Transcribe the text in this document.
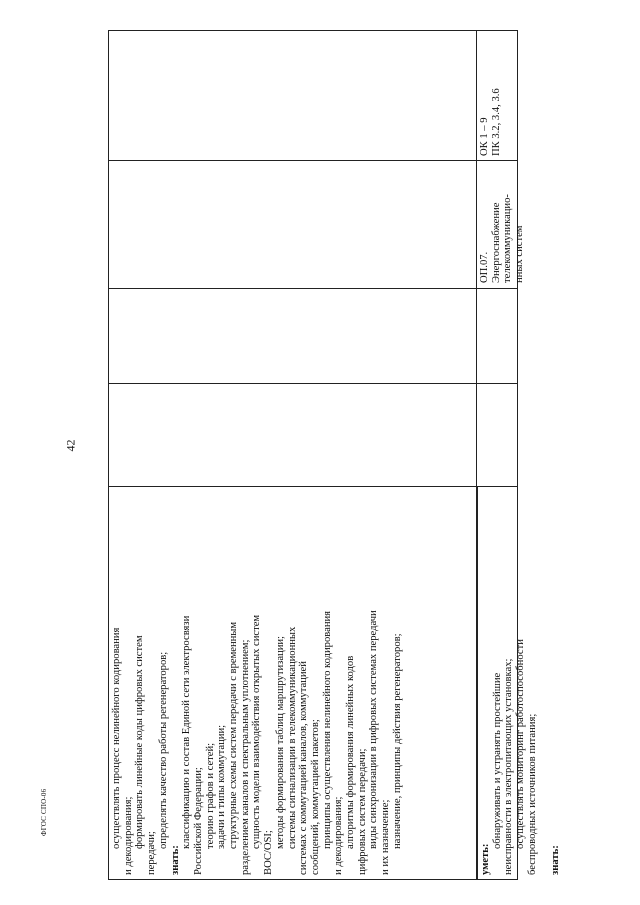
42
осуществлять процесс нелинейного кодирования и декодирования; формировать линейные коды цифровых систем
передачи;
определять качество работы регенераторов;
знать:
классификацию и состав Единой сети электросвязи Российской Федерации; теорию графов и сетей; задачи и типы коммутации; структурные схемы систем передачи с временным разделением каналов и спектральным уплотнением; сущность модели взаимодействия открытых систем
ВОС/OSI;
методы формирования таблиц маршрутизации; системы сигнализации в телекоммуникационных системах с коммутацией каналов, коммутацией сообщений, коммутацией пакетов; принципы осуществления нелинейного кодирования и декодирования; алгоритмы формирования линейных кодов цифровых систем передачи; виды синхронизации в цифровых системах передачи и их назначение; назначение, принципы действия регенераторов;
уметь:
обнаруживать и устранять простейшие неисправности в электропитающих установках; осуществлять мониторинг работоспособности беспроводных источников питания;
знать:
ОП.07. Энергоснабжение телекоммуникацио- нных систем
ОК 1 – 9 ПК 3.2, 3.4, 3.6
ФГОС СПО-06
